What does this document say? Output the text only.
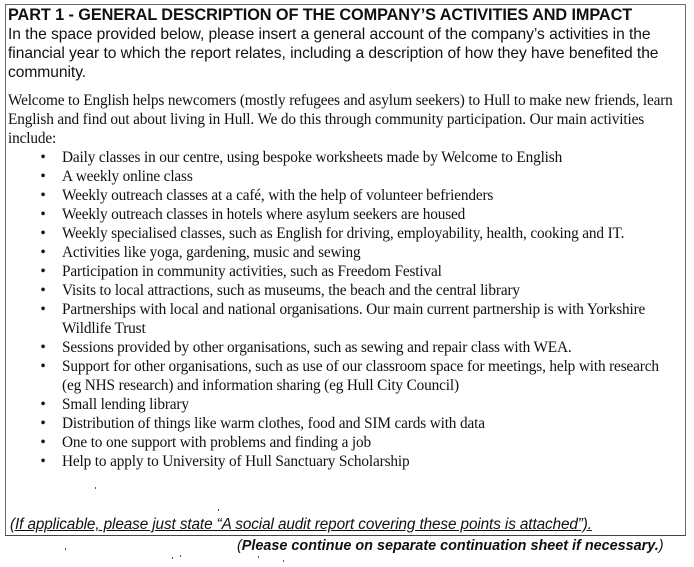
PART 1 - GENERAL DESCRIPTION OF THE COMPANY’S ACTIVITIES AND IMPACT
In the space provided below, please insert a general account of the company’s activities in the financial year to which the report relates, including a description of how they have benefited the community.
Welcome to English helps newcomers (mostly refugees and asylum seekers) to Hull to make new friends, learn English and find out about living in Hull. We do this through community participation. Our main activities include:
• Daily classes in our centre, using bespoke worksheets made by Welcome to English
• A weekly online class
• Weekly outreach classes at a café, with the help of volunteer befrienders
• Weekly outreach classes in hotels where asylum seekers are housed
• Weekly specialised classes, such as English for driving, employability, health, cooking and IT.
• Activities like yoga, gardening, music and sewing
• Participation in community activities, such as Freedom Festival
• Visits to local attractions, such as museums, the beach and the central library
• Partnerships with local and national organisations. Our main current partnership is with Yorkshire Wildlife Trust
• Sessions provided by other organisations, such as sewing and repair class with WEA.
• Support for other organisations, such as use of our classroom space for meetings, help with research (eg NHS research) and information sharing (eg Hull City Council)
• Small lending library
• Distribution of things like warm clothes, food and SIM cards with data
• One to one support with problems and finding a job
• Help to apply to University of Hull Sanctuary Scholarship
(If applicable, please just state “A social audit report covering these points is attached”).
(Please continue on separate continuation sheet if necessary.)
